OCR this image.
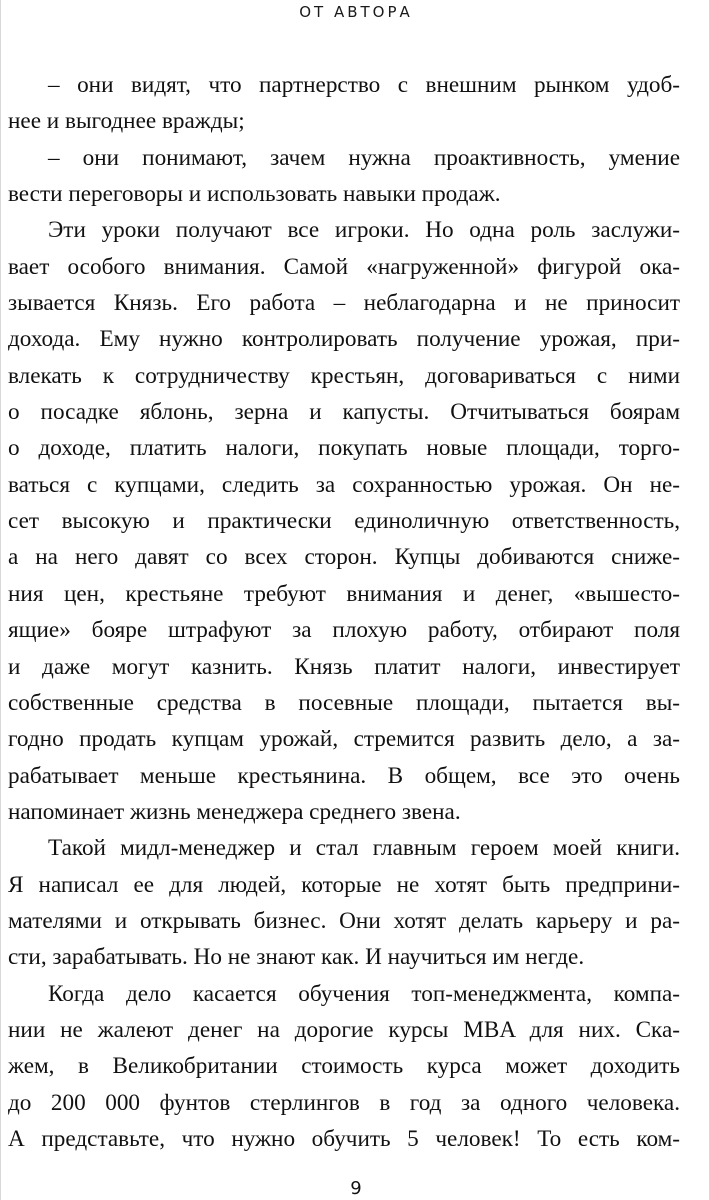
ОТ АВТОРА
– они видят, что партнерство с внешним рынком удоб-
нее и выгоднее вражды;
– они понимают, зачем нужна проактивность, умение
вести переговоры и использовать навыки продаж.
Эти уроки получают все игроки. Но одна роль заслужи-
вает особого внимания. Самой «нагруженной» фигурой ока-
зывается Князь. Его работа – неблагодарна и не приносит
дохода. Ему нужно контролировать получение урожая, при-
влекать к сотрудничеству крестьян, договариваться с ними
о посадке яблонь, зерна и капусты. Отчитываться боярам
о доходе, платить налоги, покупать новые площади, торго-
ваться с купцами, следить за сохранностью урожая. Он не-
сет высокую и практически единоличную ответственность,
а на него давят со всех сторон. Купцы добиваются сниже-
ния цен, крестьяне требуют внимания и денег, «вышесто-
ящие» бояре штрафуют за плохую работу, отбирают поля
и даже могут казнить. Князь платит налоги, инвестирует
собственные средства в посевные площади, пытается вы-
годно продать купцам урожай, стремится развить дело, а за-
рабатывает меньше крестьянина. В общем, все это очень
напоминает жизнь менеджера среднего звена.
Такой мидл-менеджер и стал главным героем моей книги.
Я написал ее для людей, которые не хотят быть предприни-
мателями и открывать бизнес. Они хотят делать карьеру и ра-
сти, зарабатывать. Но не знают как. И научиться им негде.
Когда дело касается обучения топ-менеджмента, компа-
нии не жалеют денег на дорогие курсы MBA для них. Ска-
жем, в Великобритании стоимость курса может доходить
до 200 000 фунтов стерлингов в год за одного человека.
А представьте, что нужно обучить 5 человек! То есть ком-
9
